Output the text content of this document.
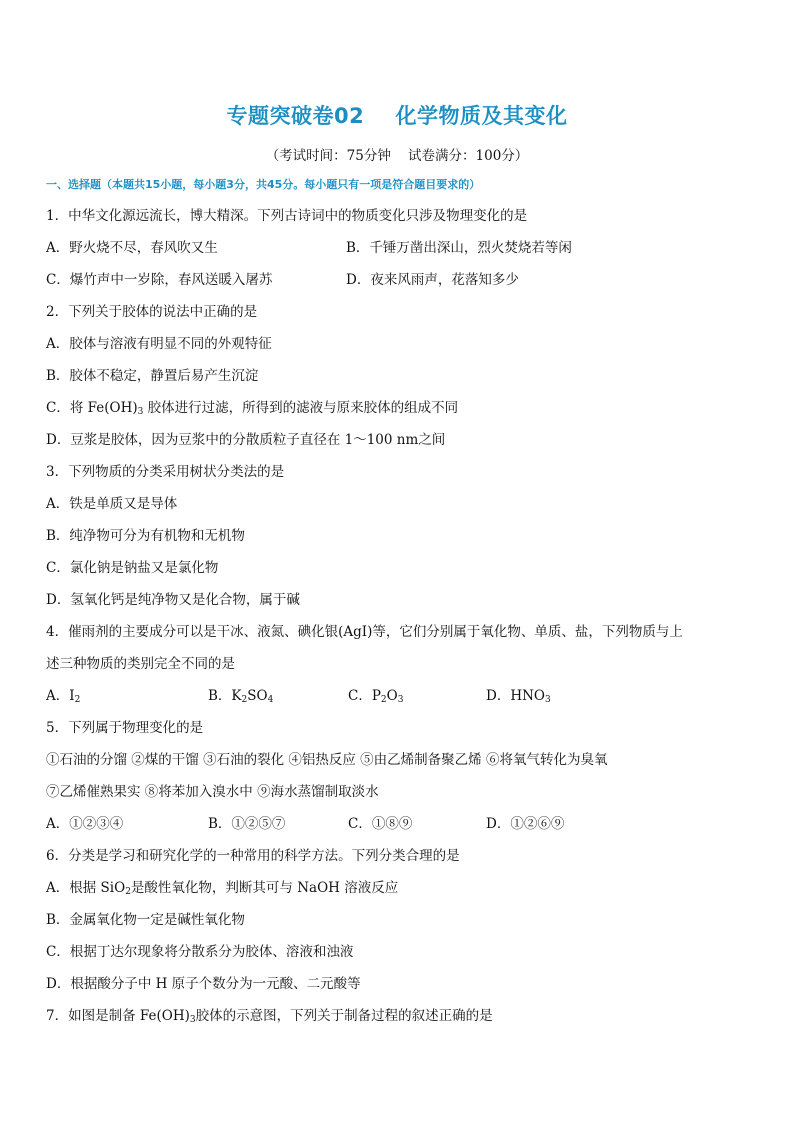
专题突破卷02    化学物质及其变化
（考试时间：75分钟    试卷满分：100分）
一、选择题（本题共15小题，每小题3分，共45分。每小题只有一项是符合题目要求的）
1．中华文化源远流长，博大精深。下列古诗词中的物质变化只涉及物理变化的是
A．野火烧不尽，春风吹又生	B．千锤万凿出深山，烈火焚烧若等闲
C．爆竹声中一岁除，春风送暖入屠苏	D．夜来风雨声，花落知多少
2．下列关于胶体的说法中正确的是
A．胶体与溶液有明显不同的外观特征
B．胶体不稳定，静置后易产生沉淀
C．将 $Fe(OH)_3$ 胶体进行过滤，所得到的滤液与原来胶体的组成不同
D．豆浆是胶体，因为豆浆中的分散质粒子直径在 1～100 nm之间
3．下列物质的分类采用树状分类法的是
A．铁是单质又是导体
B．纯净物可分为有机物和无机物
C．氯化钠是钠盐又是氯化物
D．氢氧化钙是纯净物又是化合物，属于碱
4．催雨剂的主要成分可以是干冰、液氮、碘化银(AgI)等，它们分别属于氧化物、单质、盐，下列物质与上
述三种物质的类别完全不同的是
A．$I_2$	B．$K_2SO_4$	C．$P_2O_3$	D．$HNO_3$
5．下列属于物理变化的是
①石油的分馏 ②煤的干馏 ③石油的裂化 ④铝热反应 ⑤由乙烯制备聚乙烯 ⑥将氧气转化为臭氧
⑦乙烯催熟果实 ⑧将苯加入溴水中 ⑨海水蒸馏制取淡水
A．①②③④	B．①②⑤⑦	C．①⑧⑨	D．①②⑥⑨
6．分类是学习和研究化学的一种常用的科学方法。下列分类合理的是
A．根据 SiO$_2$是酸性氧化物，判断其可与 NaOH 溶液反应
B．金属氧化物一定是碱性氧化物
C．根据丁达尔现象将分散系分为胶体、溶液和浊液
D．根据酸分子中 H 原子个数分为一元酸、二元酸等
7．如图是制备 $Fe(OH)_3$胶体的示意图，下列关于制备过程的叙述正确的是
